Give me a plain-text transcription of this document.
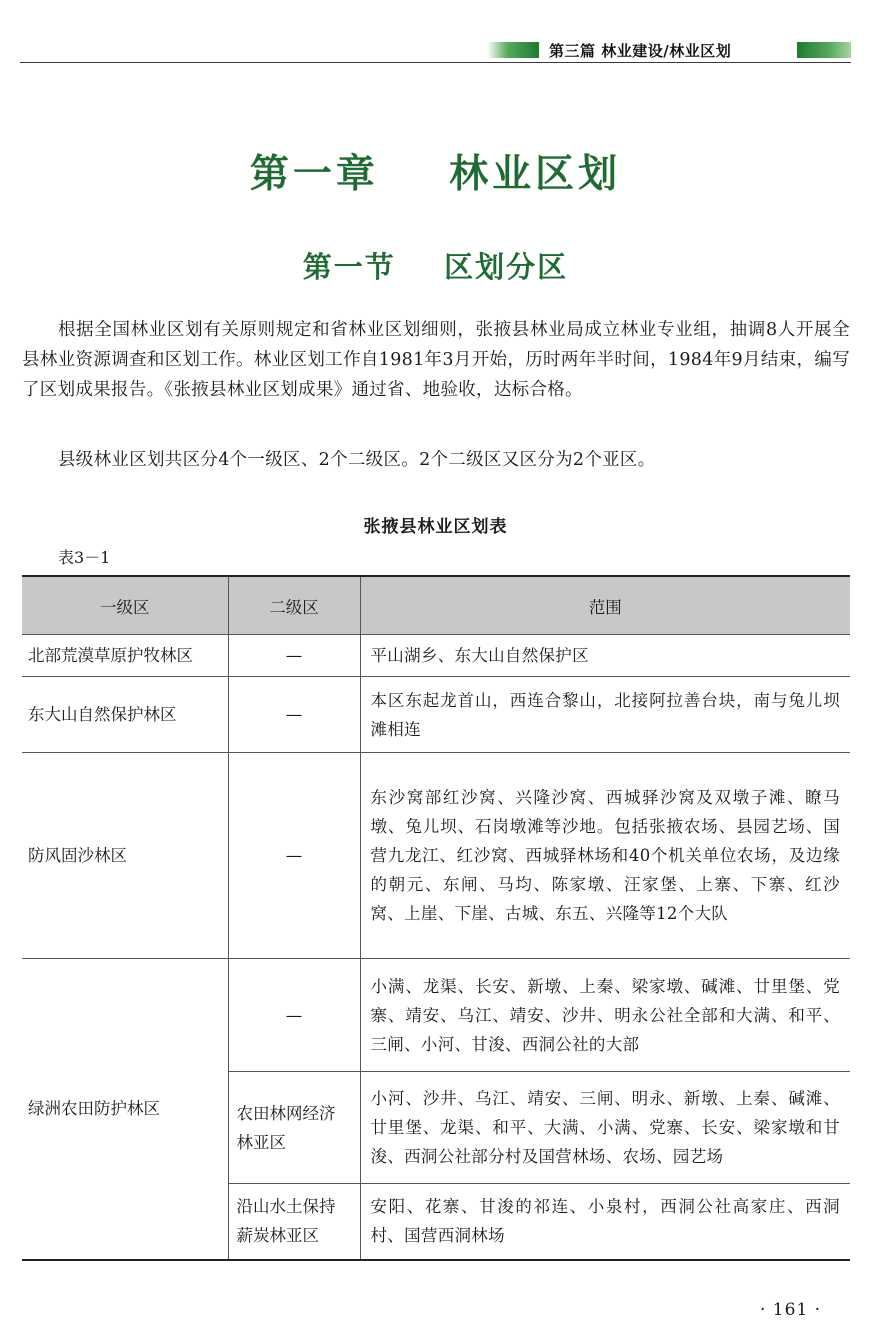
第三篇 林业建设/林业区划
第一章    林业区划
第一节    区划分区
根据全国林业区划有关原则规定和省林业区划细则，张掖县林业局成立林业专业组，抽调8人开展全县林业资源调查和区划工作。林业区划工作自1981年3月开始，历时两年半时间，1984年9月结束，编写了区划成果报告。《张掖县林业区划成果》通过省、地验收，达标合格。
县级林业区划共区分4个一级区、2个二级区。2个二级区又区分为2个亚区。
张掖县林业区划表
表3－1
一级区	二级区	范围
北部荒漠草原护牧林区	—	平山湖乡、东大山自然保护区
东大山自然保护林区	—	本区东起龙首山，西连合黎山，北接阿拉善台块，南与兔儿坝滩相连
防风固沙林区	—	东沙窝部红沙窝、兴隆沙窝、西城驿沙窝及双墩子滩、瞭马墩、兔儿坝、石岗墩滩等沙地。包括张掖农场、县园艺场、国营九龙江、红沙窝、西城驿林场和40个机关单位农场，及边缘的朝元、东闸、马均、陈家墩、汪家堡、上寨、下寨、红沙窝、上崖、下崖、古城、东五、兴隆等12个大队
绿洲农田防护林区	—	小满、龙渠、长安、新墩、上秦、梁家墩、碱滩、廿里堡、党寨、靖安、乌江、靖安、沙井、明永公社全部和大满、和平、三闸、小河、甘浚、西洞公社的大部
	农田林网经济林亚区	小河、沙井、乌江、靖安、三闸、明永、新墩、上秦、碱滩、廿里堡、龙渠、和平、大满、小满、党寨、长安、梁家墩和甘浚、西洞公社部分村及国营林场、农场、园艺场
	沿山水土保持薪炭林亚区	安阳、花寨、甘浚的祁连、小泉村，西洞公社高家庄、西洞村、国营西洞林场
· 161 ·
